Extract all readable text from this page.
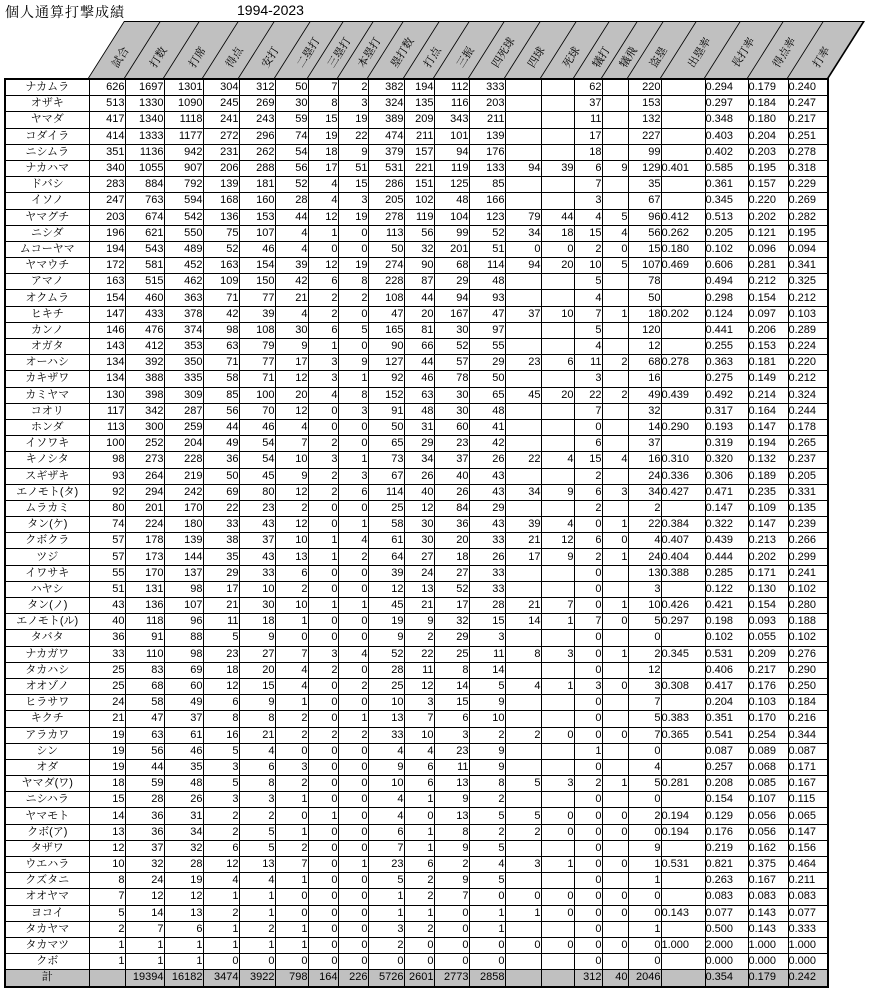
個人通算打撃成績	1994-2023
試合 打数 打席 得点 安打 二塁打 三塁打 本塁打 塁打数 打点 三振 四死球 四球 死球 犠打 犠飛 盗塁 出塁率 長打率 得点率 打率
ナカムラ	626	1697	1301	304	312	50	7	2	382	194	112	333			62		220		0.294	0.179	0.240
オザキ	513	1330	1090	245	269	30	8	3	324	135	116	203			37		153		0.297	0.184	0.247
ヤマダ	417	1340	1118	241	243	59	15	19	389	209	343	211			11		132		0.348	0.180	0.217
コダイラ	414	1333	1177	272	296	74	19	22	474	211	101	139			17		227		0.403	0.204	0.251
ニシムラ	351	1136	942	231	262	54	18	9	379	157	94	176			18		99		0.402	0.203	0.278
ナカハマ	340	1055	907	206	288	56	17	51	531	221	119	133	94	39	6	9	129	0.401	0.585	0.195	0.318
ドバシ	283	884	792	139	181	52	4	15	286	151	125	85			7		35		0.361	0.157	0.229
イソノ	247	763	594	168	160	28	4	3	205	102	48	166			3		67		0.345	0.220	0.269
ヤマグチ	203	674	542	136	153	44	12	19	278	119	104	123	79	44	4	5	96	0.412	0.513	0.202	0.282
ニシダ	196	621	550	75	107	4	1	0	113	56	99	52	34	18	15	4	56	0.262	0.205	0.121	0.195
ムコーヤマ	194	543	489	52	46	4	0	0	50	32	201	51	0	0	2	0	15	0.180	0.102	0.096	0.094
ヤマウチ	172	581	452	163	154	39	12	19	274	90	68	114	94	20	10	5	107	0.469	0.606	0.281	0.341
アマノ	163	515	462	109	150	42	6	8	228	87	29	48			5		78		0.494	0.212	0.325
オクムラ	154	460	363	71	77	21	2	2	108	44	94	93			4		50		0.298	0.154	0.212
ヒキチ	147	433	378	42	39	4	2	0	47	20	167	47	37	10	7	1	18	0.202	0.124	0.097	0.103
カンノ	146	476	374	98	108	30	6	5	165	81	30	97			5		120		0.441	0.206	0.289
オガタ	143	412	353	63	79	9	1	0	90	66	52	55			4		12		0.255	0.153	0.224
オーハシ	134	392	350	71	77	17	3	9	127	44	57	29	23	6	11	2	68	0.278	0.363	0.181	0.220
カキザワ	134	388	335	58	71	12	3	1	92	46	78	50			3		16		0.275	0.149	0.212
カミヤマ	130	398	309	85	100	20	4	8	152	63	30	65	45	20	22	2	49	0.439	0.492	0.214	0.324
コオリ	117	342	287	56	70	12	0	3	91	48	30	48			7		32		0.317	0.164	0.244
ホンダ	113	300	259	44	46	4	0	0	50	31	60	41			0		14	0.290	0.193	0.147	0.178
イソワキ	100	252	204	49	54	7	2	0	65	29	23	42			6		37		0.319	0.194	0.265
キノシタ	98	273	228	36	54	10	3	1	73	34	37	26	22	4	15	4	16	0.310	0.320	0.132	0.237
スギザキ	93	264	219	50	45	9	2	3	67	26	40	43			2		24	0.336	0.306	0.189	0.205
エノモト(タ)	92	294	242	69	80	12	2	6	114	40	26	43	34	9	6	3	34	0.427	0.471	0.235	0.331
ムラカミ	80	201	170	22	23	2	0	0	25	12	84	29			2		2		0.147	0.109	0.135
タン(ケ)	74	224	180	33	43	12	0	1	58	30	36	43	39	4	0	1	22	0.384	0.322	0.147	0.239
クボクラ	57	178	139	38	37	10	1	4	61	30	20	33	21	12	6	0	4	0.407	0.439	0.213	0.266
ツジ	57	173	144	35	43	13	1	2	64	27	18	26	17	9	2	1	24	0.404	0.444	0.202	0.299
イワサキ	55	170	137	29	33	6	0	0	39	24	27	33			0		13	0.388	0.285	0.171	0.241
ハヤシ	51	131	98	17	10	2	0	0	12	13	52	33			0		3		0.122	0.130	0.102
タン(ノ)	43	136	107	21	30	10	1	1	45	21	17	28	21	7	0	1	10	0.426	0.421	0.154	0.280
エノモト(ル)	40	118	96	11	18	1	0	0	19	9	32	15	14	1	7	0	5	0.297	0.198	0.093	0.188
タバタ	36	91	88	5	9	0	0	0	9	2	29	3			0		0		0.102	0.055	0.102
ナカガワ	33	110	98	23	27	7	3	4	52	22	25	11	8	3	0	1	2	0.345	0.531	0.209	0.276
タカハシ	25	83	69	18	20	4	2	0	28	11	8	14			0		12		0.406	0.217	0.290
オオゾノ	25	68	60	12	15	4	0	2	25	12	14	5	4	1	3	0	3	0.308	0.417	0.176	0.250
ヒラサワ	24	58	49	6	9	1	0	0	10	3	15	9			0		7		0.204	0.103	0.184
キクチ	21	47	37	8	8	2	0	1	13	7	6	10			0		5	0.383	0.351	0.170	0.216
アラカワ	19	63	61	16	21	2	2	2	33	10	3	2	2	0	0	0	7	0.365	0.541	0.254	0.344
シン	19	56	46	5	4	0	0	0	4	4	23	9			1		0		0.087	0.089	0.087
オダ	19	44	35	3	6	3	0	0	9	6	11	9			0		4		0.257	0.068	0.171
ヤマダ(ワ)	18	59	48	5	8	2	0	0	10	6	13	8	5	3	2	1	5	0.281	0.208	0.085	0.167
ニシハラ	15	28	26	3	3	1	0	0	4	1	9	2			0		0		0.154	0.107	0.115
ヤマモト	14	36	31	2	2	0	1	0	4	0	13	5	5	0	0	0	2	0.194	0.129	0.056	0.065
クボ(ア)	13	36	34	2	5	1	0	0	6	1	8	2	2	0	0	0	0	0.194	0.176	0.056	0.147
タザワ	12	37	32	6	5	2	0	0	7	1	9	5			0		9		0.219	0.162	0.156
ウエハラ	10	32	28	12	13	7	0	1	23	6	2	4	3	1	0	0	1	0.531	0.821	0.375	0.464
クズタニ	8	24	19	4	4	1	0	0	5	2	9	5			0		1		0.263	0.167	0.211
オオヤマ	7	12	12	1	1	0	0	0	1	2	7	0	0	0	0	0	0		0.083	0.083	0.083
ヨコイ	5	14	13	2	1	0	0	0	1	1	0	1	1	0	0	0	0	0.143	0.077	0.143	0.077
タカヤマ	2	7	6	1	2	1	0	0	3	2	0	1			0		1		0.500	0.143	0.333
タカマツ	1	1	1	1	1	1	0	0	2	0	0	0	0	0	0	0	0	1.000	2.000	1.000	1.000
クボ	1	1	1	0	0	0	0	0	0	0	0	0			0		0		0.000	0.000	0.000
計		19394	16182	3474	3922	798	164	226	5726	2601	2773	2858			312	40	2046		0.354	0.179	0.242
